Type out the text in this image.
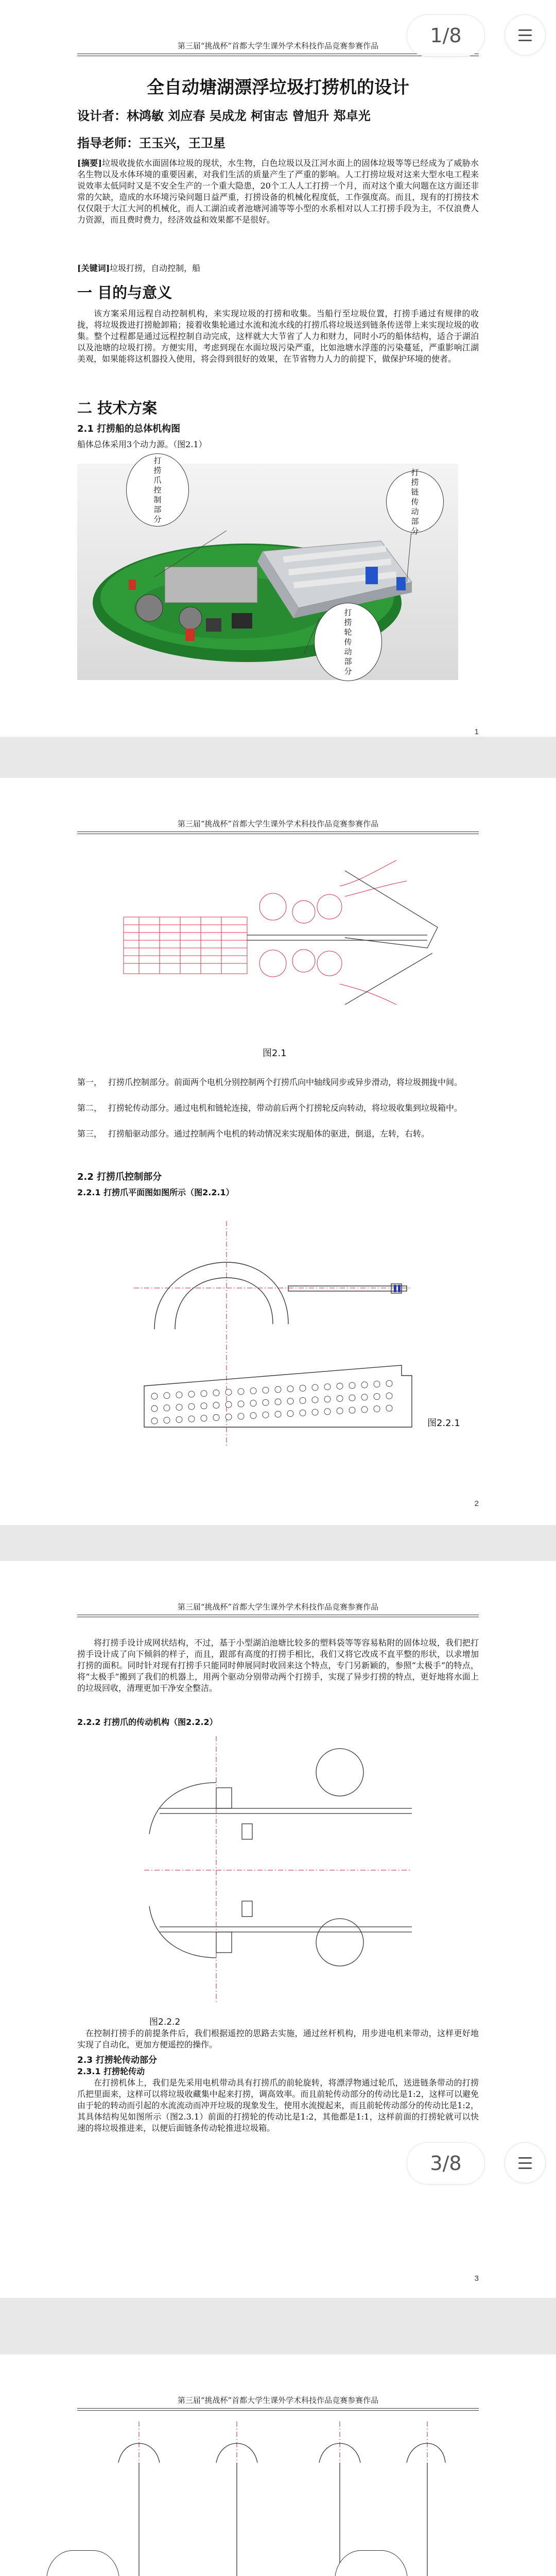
第三届“挑战杯”首都大学生课外学术科技作品竞赛参赛作品
全自动塘湖漂浮垃圾打捞机的设计
设计者：林鸿敏 刘应春 吴成龙 柯宙志 曾旭升 郑卓光
指导老师：王玉兴，王卫星
[摘要]垃圾收拢依水面固体垃圾的现状，水生物，白色垃圾以及江河水面上的固体垃圾等等已经成为了威胁水名生物以及水体环境的重要因素，对我们生活的质量产生了严重的影响。人工打捞垃圾对这来大型水电工程来说效率太低同时又是不安全生产的一个重大隐患，20个工人人工打捞一个月，而对这个重大问题在这方面还非常的欠缺，造成的水环境污染问题日益严重，打捞设备的机械化程度低，工作强度高。而且，现有的打捞技术仅仅限于大江大河的机械化，而人工湖泊或者池塘河浦等等小型的水系相对以人工打捞手段为主，不仅浪费人力资源，而且费时费力，经济效益和效果都不是很好。
[关键词]垃圾打捞，自动控制，船
一 目的与意义
该方案采用远程自动控制机构，来实现垃圾的打捞和收集。当船行至垃圾位置，打捞手通过有规律的收拢，将垃圾拨进打捞舱卸箱；接着收集轮通过水流和流水线的打捞爪将垃圾送到链条传送带上来实现垃圾的收集。整个过程都是通过远程控制自动完成，这样就大大节省了人力和财力，同时小巧的船体结构，适合于湖泊以及池塘的垃圾打捞。方便实用，考虑到现在水面垃圾污染严重，比如池塘水浮莲的污染蔓延，严重影响江湖美观，如果能将这机器投入使用，将会得到很好的效果，在节省物力人力的前提下，做保护环境的使者。
二 技术方案
2.1 打捞船的总体机构图
船体总体采用3个动力源。（图2.1）
打捞爪控制部分
打捞链传动部分
打捞轮传动部分
1
第三届“挑战杯”首都大学生课外学术科技作品竞赛参赛作品
图2.1
第一， 打捞爪控制部分。前面两个电机分别控制两个打捞爪向中轴线同步或异步滑动，将垃圾拥拢中间。
第二， 打捞轮传动部分。通过电机和链轮连接，带动前后两个打捞轮反向转动，将垃圾收集到垃圾箱中。
第三， 打捞船驱动部分。通过控制两个电机的转动情况来实现船体的驱进，倒退，左转，右转。
2.2 打捞爪控制部分
2.2.1 打捞爪平面图如图所示（图2.2.1）
图2.2.1
2
第三届“挑战杯”首都大学生课外学术科技作品竞赛参赛作品
将打捞手设计成网状结构，不过，基于小型湖泊池塘比较多的塑料袋等等容易粘附的固体垃圾，我们把打捞手设计成了向下倾斜的样子，而且，跟部有高度的打捞手相比，我们又将它改成不直平整的形状，以求增加打捞的面积。同时针对现有打捞手只能同时伸展同时收回来这个特点，专门另新颖的，参照“太极手”的特点，将“太极手”搬到了我们的机器上，用两个驱动分别带动两个打捞手，实现了异步打捞的特点，更好地将水面上的垃圾回收，清理更加干净安全整洁。
2.2.2 打捞爪的传动机构（图2.2.2）
图2.2.2
在控制打捞手的前提条件后，我们根据遥控的思路去实施，通过丝杆机构，用步进电机来带动，这样更好地实现了自动化，更加方便遥控的操作。
2.3 打捞轮传动部分
2.3.1 打捞轮传动
在打捞机体上，我们是先采用电机带动具有打捞爪的前轮旋转，将漂浮物通过轮爪，送进链条带动的打捞爪把里面来，这样可以将垃圾收藏集中起来打捞，调高效率。而且前轮传动部分的传动比是1:2，这样可以避免由于轮的转动而引起的水流流动而冲开垃圾的现象发生，使用水流搅起来，而且前轮传动部分的传动比是1:2，其具体结构见如图所示（图2.3.1）前面的打捞轮的传动比是1:2，其他都是1:1，这样前面的打捞轮就可以快速的将垃圾推进来，以便后面链条传动轮推进垃圾箱。
3
第三届“挑战杯”首都大学生课外学术科技作品竞赛参赛作品
1/8
3/8
